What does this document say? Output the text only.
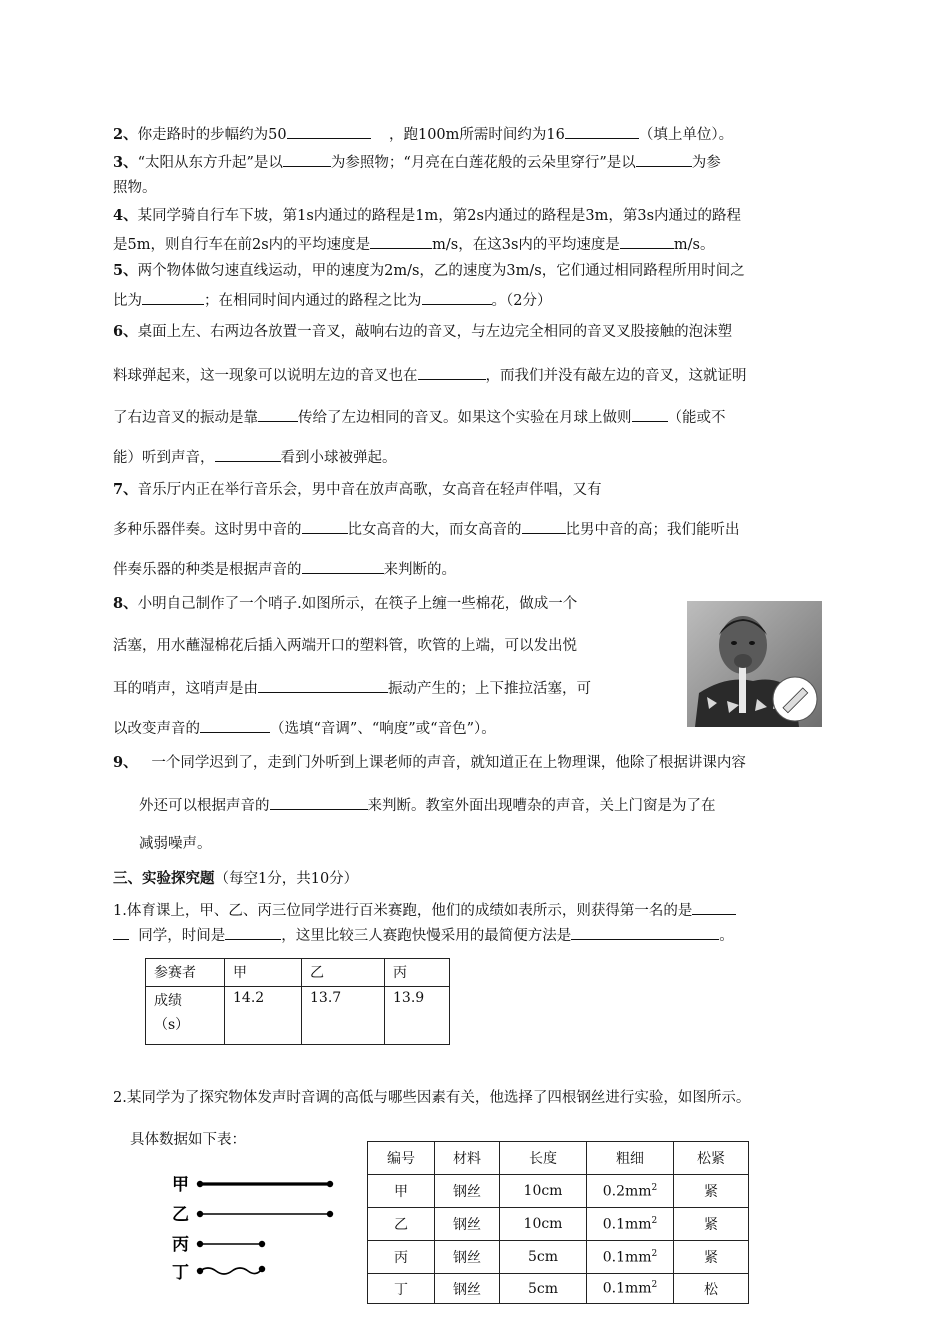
2、你走路时的步幅约为50	，跑100m所需时间约为16	（填上单位）。
3、“太阳从东方升起”是以	为参照物；“月亮在白莲花般的云朵里穿行”是以	为参
照物。
4、某同学骑自行车下坡，第1s内通过的路程是1m，第2s内通过的路程是3m，第3s内通过的路程
是5m，则自行车在前2s内的平均速度是	m/s，在这3s内的平均速度是	m/s。
5、两个物体做匀速直线运动，甲的速度为2m/s，乙的速度为3m/s，它们通过相同路程所用时间之
比为	；在相同时间内通过的路程之比为	。（2分）
6、桌面上左、右两边各放置一音叉，敲响右边的音叉，与左边完全相同的音叉叉股接触的泡沫塑
料球弹起来，这一现象可以说明左边的音叉也在	，而我们并没有敲左边的音叉，这就证明
了右边音叉的振动是靠	传给了左边相同的音叉。如果这个实验在月球上做则 （能或不
能）听到声音，	看到小球被弹起。
7、音乐厅内正在举行音乐会，男中音在放声高歌，女高音在轻声伴唱，又有
多种乐器伴奏。这时男中音的	比女高音的大，而女高音的	比男中音的高；我们能听出
伴奏乐器的种类是根据声音的	来判断的。
8、小明自己制作了一个哨子.如图所示，在筷子上缠一些棉花，做成一个
活塞，用水蘸湿棉花后插入两端开口的塑料管，吹管的上端，可以发出悦
耳的哨声，这哨声是由	振动产生的；上下推拉活塞，可
以改变声音的	（选填“音调”、“响度”或“音色”）。
9、 一个同学迟到了，走到门外听到上课老师的声音，就知道正在上物理课，他除了根据讲课内容
外还可以根据声音的	来判断。教室外面出现嘈杂的声音，关上门窗是为了在
减弱噪声。
三、实验探究题（每空1分，共10分）
1.体育课上，甲、乙、丙三位同学进行百米赛跑，他们的成绩如表所示，则获得第一名的是
同学，时间是	，这里比较三人赛跑快慢采用的最简便方法是	。
参赛者	甲	乙	丙

成绩
（s）	14.2	13.7	13.9
2.某同学为了探究物体发声时音调的高低与哪些因素有关，他选择了四根钢丝进行实验，如图所示。
具体数据如下表：
甲
乙
丙
丁
编号	材料	长度	粗细	松紧
甲	钢丝	10cm	$0.2mm^2$	紧
乙	钢丝	10cm	$0.1mm^2$	紧
丙	钢丝	5cm	$0.1mm^2$	紧
丁	钢丝	5cm	$0.1mm^2$	松
